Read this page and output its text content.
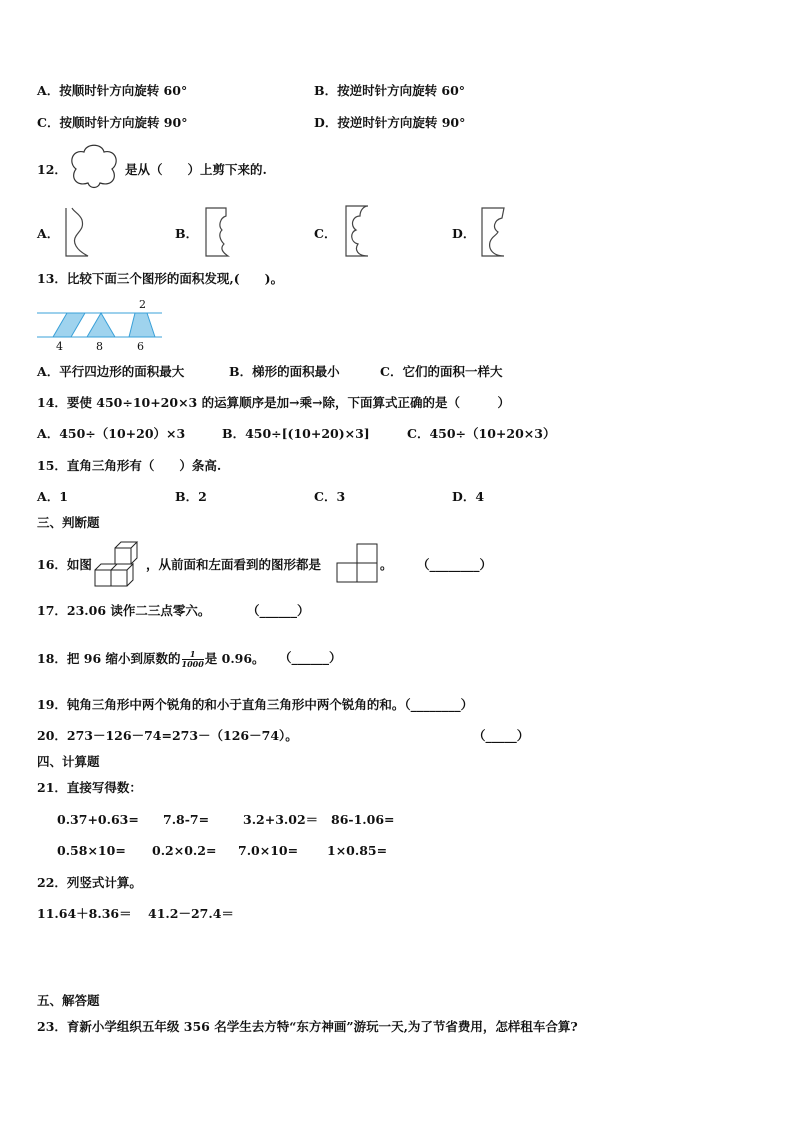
A．按顺时针方向旋转 60°	B．按逆时针方向旋转 60°
C．按顺时针方向旋转 90°	D．按逆时针方向旋转 90°
12．	是从（　　）上剪下来的.
A．	B．	C．	D．
13．比较下面三个图形的面积发现,(　　)。
2
4	8	6
A．平行四边形的面积最大	B．梯形的面积最小	C．它们的面积一样大
14．要使 450÷10+20×3 的运算顺序是加→乘→除，下面算式正确的是（　　　）
A．450÷（10+20）×3	B．450÷[(10+20)×3]	C．450÷（10+20×3）
15．直角三角形有（　　）条高.
A．1	B．2	C．3	D．4
三、判断题
16．如图	，从前面和左面看到的图形都是	。 （________）
17．23.06 读作二三点零六。	（______）
18．把 96 缩小到原数的 $\frac{1}{1000}$ 是 0.96。 （______）
19．钝角三角形中两个锐角的和小于直角三角形中两个锐角的和。（________）
20．273－126－74=273－（126－74）。	（_____）
四、计算题
21．直接写得数：
0.37+0.63= 7.8-7=	3.2+3.02＝ 86-1.06=
0.58×10= 0.2×0.2= 7.0×10= 1×0.85=
22．列竖式计算。
11.64＋8.36＝ 41.2－27.4＝
五、解答题
23．育新小学组织五年级 356 名学生去方特“东方神画”游玩一天,为了节省费用，怎样租车合算?
